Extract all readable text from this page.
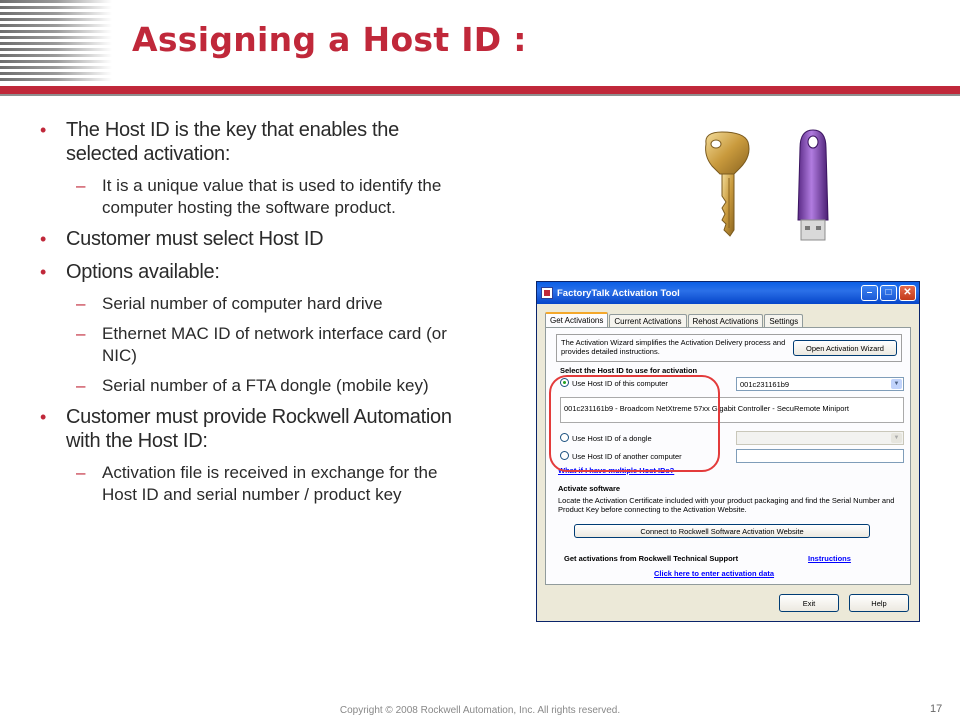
Assigning a Host ID :
• The Host ID is the key that enables the selected activation:
– It is a unique value that is used to identify the computer hosting the software product.
• Customer must select Host ID
• Options available:
– Serial number of computer hard drive
– Ethernet MAC ID of network interface card (or NIC)
– Serial number of a FTA dongle (mobile key)
• Customer must provide Rockwell Automation with the Host ID:
– Activation file is received in exchange for the Host ID and serial number / product key
FactoryTalk Activation Tool	–	□	✕
Get Activations	Current Activations	Rehost Activations	Settings
The Activation Wizard simplifies the Activation Delivery process and provides detailed instructions.	Open Activation Wizard
Select the Host ID to use for activation
Use Host ID of this computer	001c231161b9	▼
001c231161b9 - Broadcom NetXtreme 57xx Gigabit Controller - SecuRemote Miniport
Use Host ID of a dongle	▼
Use Host ID of another computer
What if I have multiple Host IDs?
Activate software
Locate the Activation Certificate included with your product packaging and find the Serial Number and Product Key before connecting to the Activation Website.
Connect to Rockwell Software Activation Website
Get activations from Rockwell Technical Support	Instructions
Click here to enter activation data
Exit	Help
Copyright © 2008 Rockwell Automation, Inc. All rights reserved.	17
